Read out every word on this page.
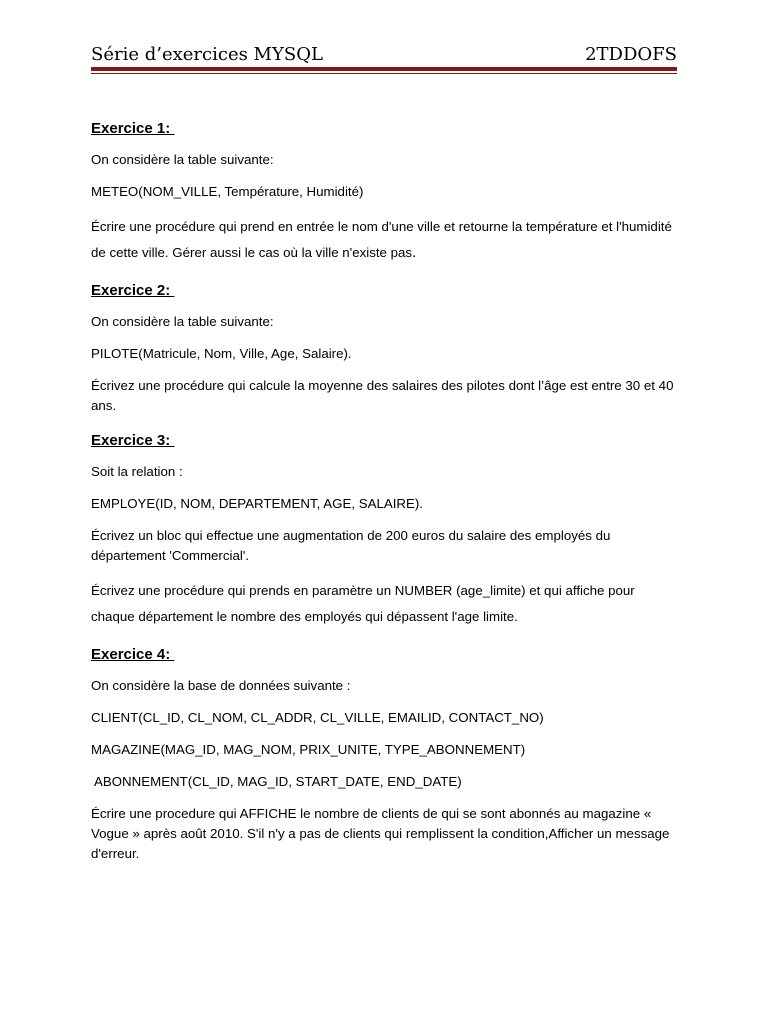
Série d’exercices MYSQL	2TDDOFS
Exercice 1:

On considère la table suivante:

METEO(NOM_VILLE, Température, Humidité)

Écrire une procédure qui prend en entrée le nom d'une ville et retourne la température et l'humidité de cette ville. Gérer aussi le cas où la ville n'existe pas.

Exercice 2:

On considère la table suivante:

PILOTE(Matricule, Nom, Ville, Age, Salaire).

Écrivez une procédure qui calcule la moyenne des salaires des pilotes dont l’âge est entre 30 et 40 ans.

Exercice 3:

Soit la relation :

EMPLOYE(ID, NOM, DEPARTEMENT, AGE, SALAIRE).

Écrivez un bloc qui effectue une augmentation de 200 euros du salaire des employés du département 'Commercial'.

Écrivez une procédure qui prends en paramètre un NUMBER (age_limite) et qui affiche pour chaque département le nombre des employés qui dépassent l'age limite.

Exercice 4:

On considère la base de données suivante :

CLIENT(CL_ID, CL_NOM, CL_ADDR, CL_VILLE, EMAILID, CONTACT_NO)

MAGAZINE(MAG_ID, MAG_NOM, PRIX_UNITE, TYPE_ABONNEMENT)

ABONNEMENT(CL_ID, MAG_ID, START_DATE, END_DATE)

Écrire une procedure qui AFFICHE le nombre de clients de qui se sont abonnés au magazine « Vogue » après août 2010. S'il n'y a pas de clients qui remplissent la condition,Afficher un message d'erreur.
